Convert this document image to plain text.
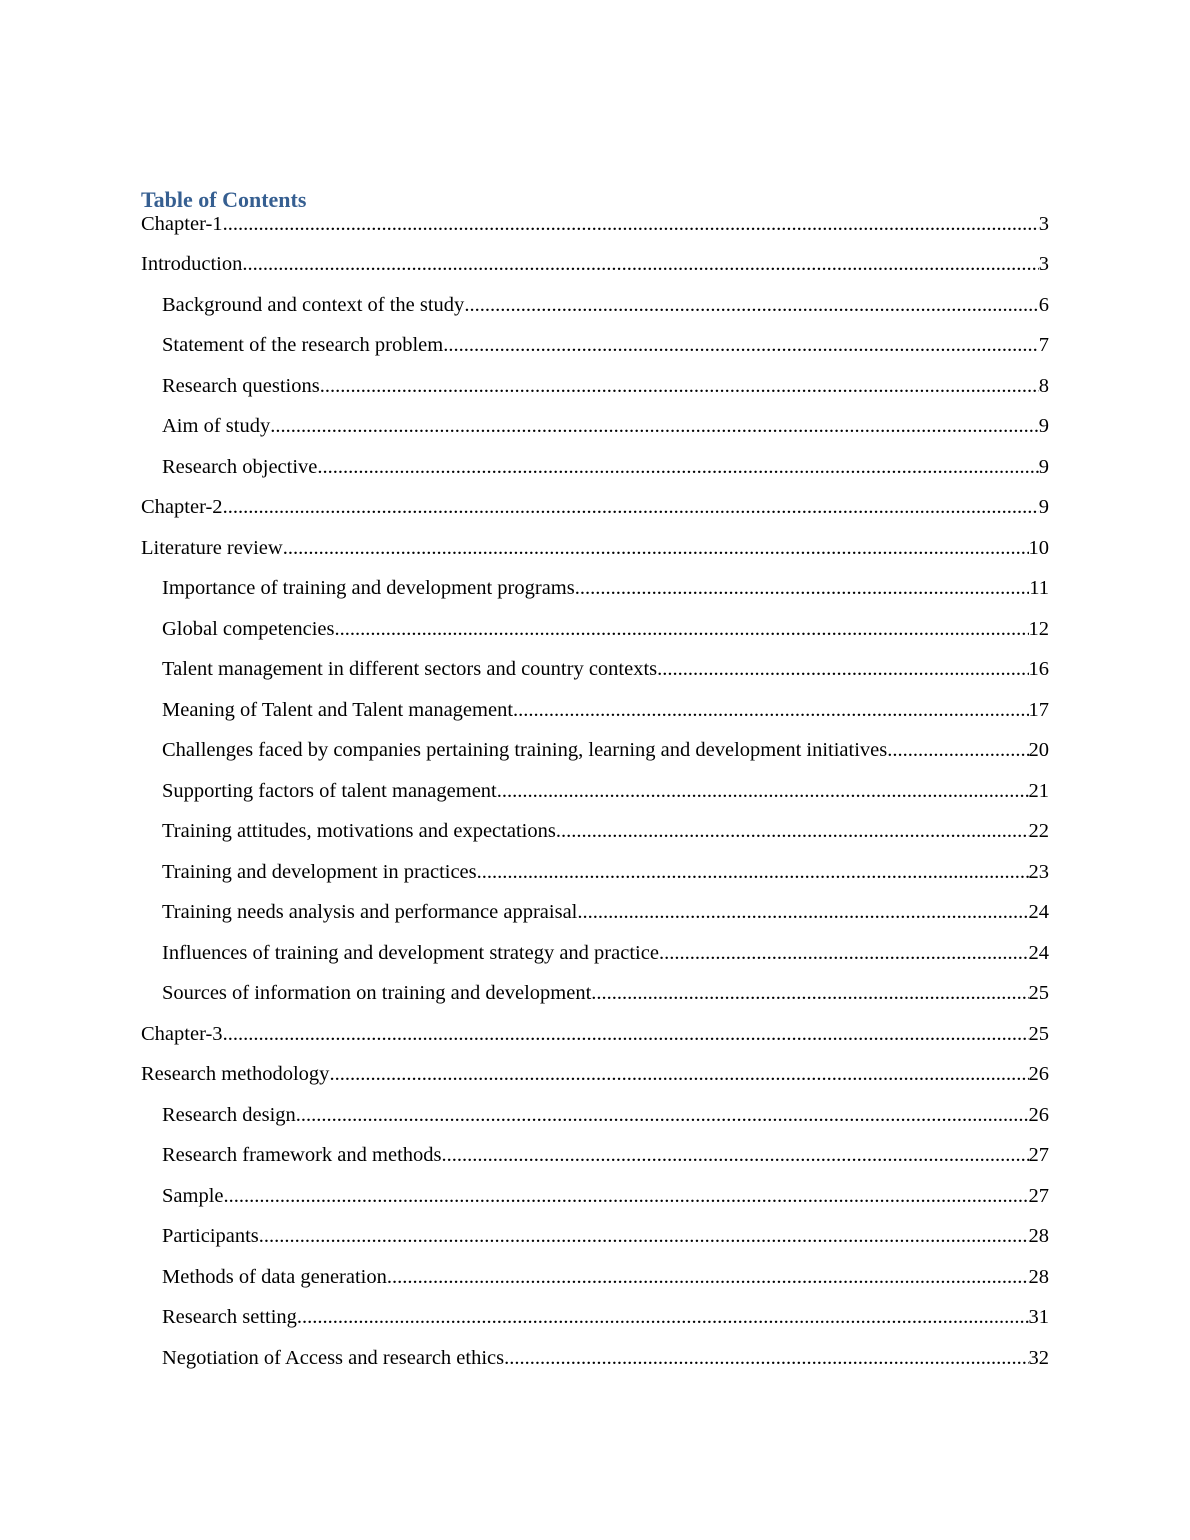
Table of Contents
Chapter-1 .....	3
Introduction .....	3
Background and context of the study .....	6
Statement of the research problem .....	7
Research questions .....	8
Aim of study .....	9
Research objective .....	9
Chapter-2 .....	9
Literature review .....	10
Importance of training and development programs .....	11
Global competencies .....	12
Talent management in different sectors and country contexts .....	16
Meaning of Talent and Talent management .....	17
Challenges faced by companies pertaining training, learning and development initiatives .....	20
Supporting factors of talent management .....	21
Training attitudes, motivations and expectations .....	22
Training and development in practices .....	23
Training needs analysis and performance appraisal .....	24
Influences of training and development strategy and practice .....	24
Sources of information on training and development .....	25
Chapter-3 .....	25
Research methodology .....	26
Research design .....	26
Research framework and methods .....	27
Sample .....	27
Participants .....	28
Methods of data generation .....	28
Research setting .....	31
Negotiation of Access and research ethics .....	32
